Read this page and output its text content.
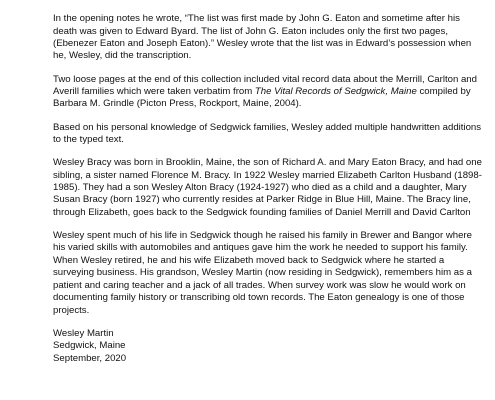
In the opening notes he wrote, “The list was first made by John G. Eaton and sometime after his death was given to Edward Byard. The list of John G. Eaton includes only the first two pages, (Ebenezer Eaton and Joseph Eaton).” Wesley wrote that the list was in Edward’s possession when he, Wesley, did the transcription.

Two loose pages at the end of this collection included vital record data about the Merrill, Carlton and Averill families which were taken verbatim from The Vital Records of Sedgwick, Maine compiled by Barbara M. Grindle (Picton Press, Rockport, Maine, 2004).

Based on his personal knowledge of Sedgwick families, Wesley added multiple handwritten additions to the typed text.

Wesley Bracy was born in Brooklin, Maine, the son of Richard A. and Mary Eaton Bracy, and had one sibling, a sister named Florence M. Bracy. In 1922 Wesley married Elizabeth Carlton Husband (1898-1985). They had a son Wesley Alton Bracy (1924-1927) who died as a child and a daughter, Mary Susan Bracy (born 1927) who currently resides at Parker Ridge in Blue Hill, Maine. The Bracy line, through Elizabeth, goes back to the Sedgwick founding families of Daniel Merrill and David Carlton

Wesley spent much of his life in Sedgwick though he raised his family in Brewer and Bangor where his varied skills with automobiles and antiques gave him the work he needed to support his family. When Wesley retired, he and his wife Elizabeth moved back to Sedgwick where he started a surveying business. His grandson, Wesley Martin (now residing in Sedgwick), remembers him as a patient and caring teacher and a jack of all trades. When survey work was slow he would work on documenting family history or transcribing old town records. The Eaton genealogy is one of those projects.

Wesley Martin

Sedgwick, Maine

September, 2020
